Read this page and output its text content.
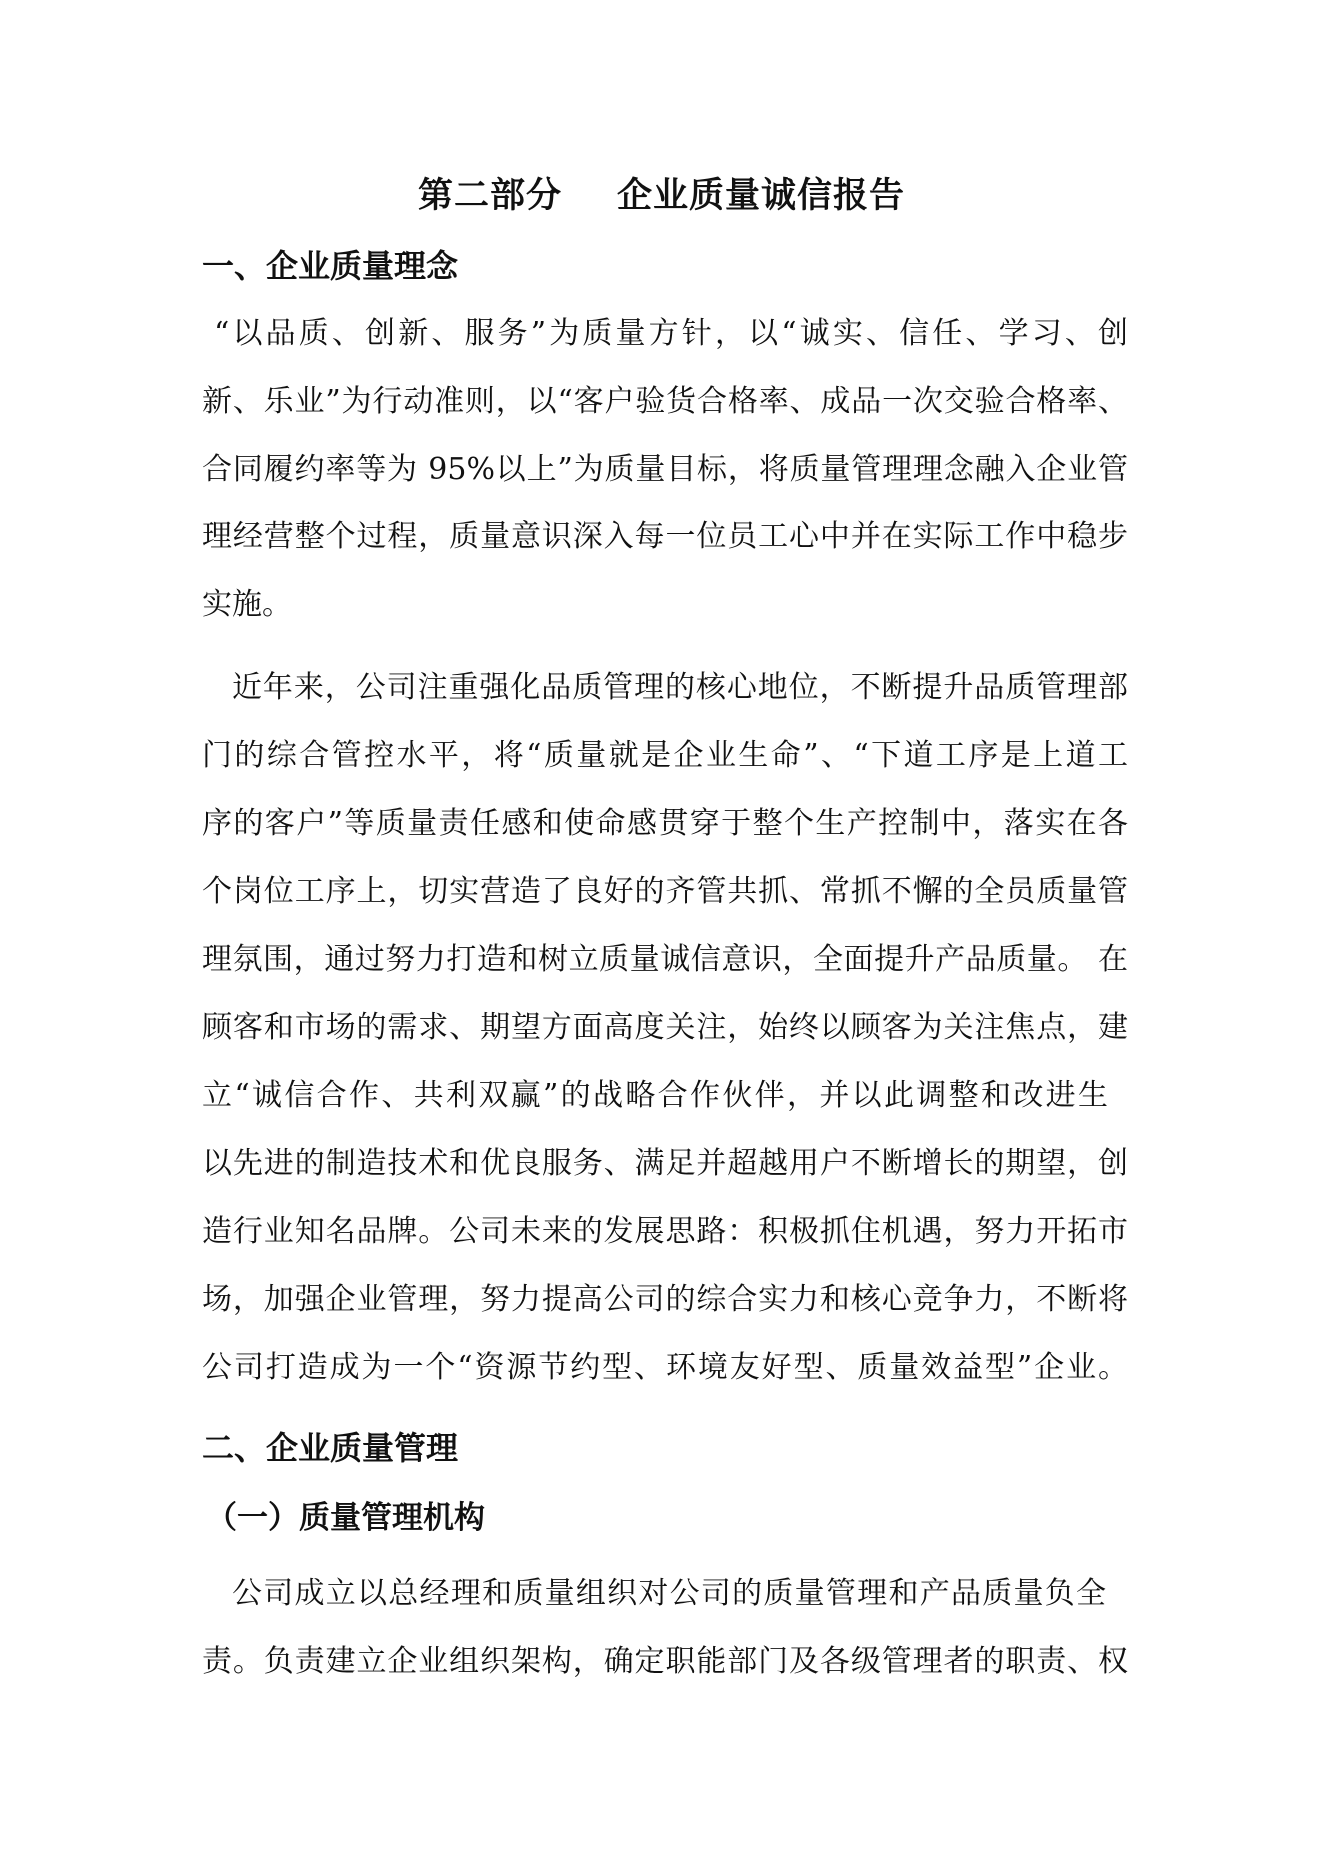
第二部分 企业质量诚信报告
一、企业质量理念
“以品质、创新、服务”为质量方针，以“诚实、信任、学习、创
新、乐业”为行动准则，以“客户验货合格率、成品一次交验合格率、
合同履约率等为 95%以上”为质量目标，将质量管理理念融入企业管
理经营整个过程，质量意识深入每一位员工心中并在实际工作中稳步
实施。
近年来，公司注重强化品质管理的核心地位，不断提升品质管理部
门的综合管控水平，将“质量就是企业生命”、“下道工序是上道工
序的客户”等质量责任感和使命感贯穿于整个生产控制中，落实在各
个岗位工序上，切实营造了良好的齐管共抓、常抓不懈的全员质量管
理氛围，通过努力打造和树立质量诚信意识，全面提升产品质量。 在
顾客和市场的需求、期望方面高度关注，始终以顾客为关注焦点，建
立“诚信合作、共利双赢”的战略合作伙伴，并以此调整和改进生
以先进的制造技术和优良服务、满足并超越用户不断增长的期望，创
造行业知名品牌。公司未来的发展思路：积极抓住机遇，努力开拓市
场，加强企业管理，努力提高公司的综合实力和核心竞争力，不断将
公司打造成为一个“资源节约型、环境友好型、质量效益型”企业。
二、企业质量管理
（一）质量管理机构
公司成立以总经理和质量组织对公司的质量管理和产品质量负全
责。负责建立企业组织架构，确定职能部门及各级管理者的职责、权
